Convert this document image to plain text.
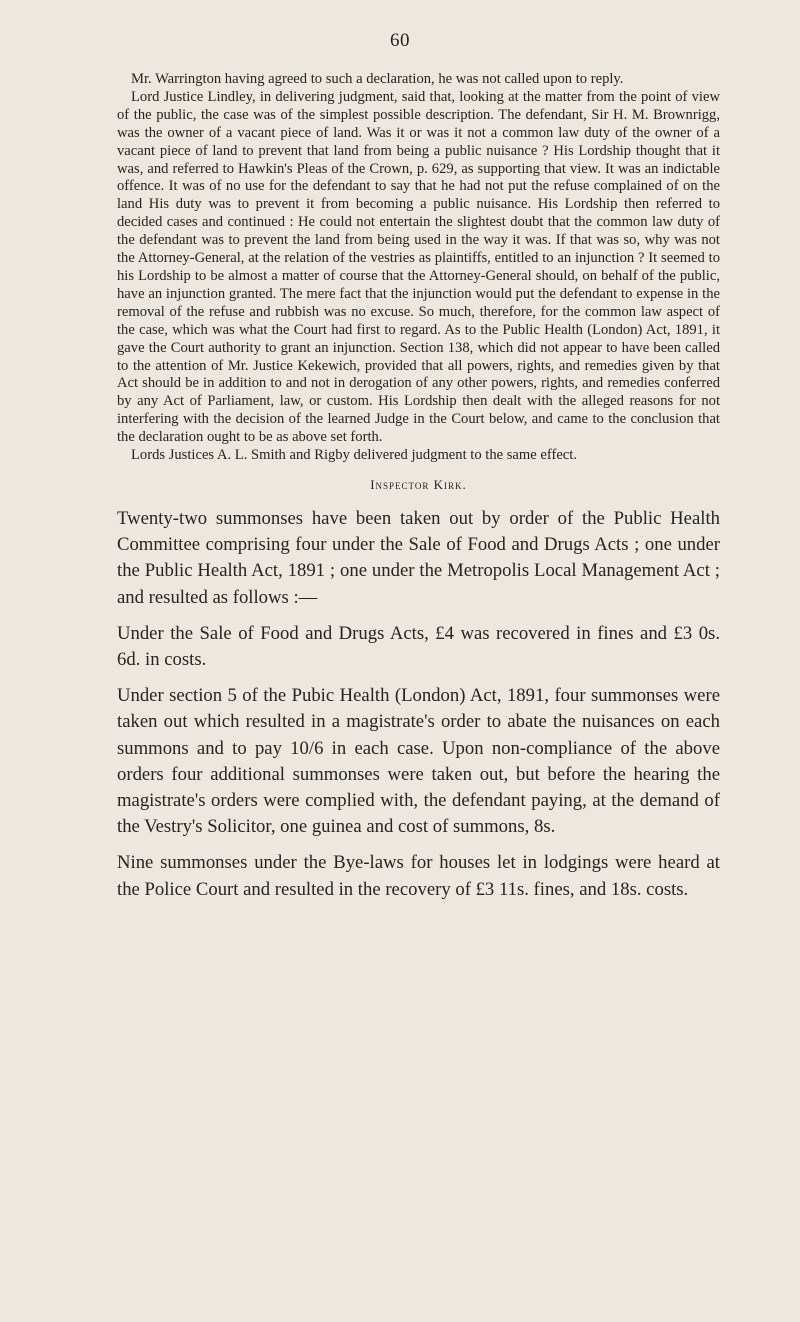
60

Mr. Warrington having agreed to such a declaration, he was not called upon to reply.

Lord Justice Lindley, in delivering judgment, said that, looking at the matter from the point of view of the public, the case was of the simplest possible description. The defendant, Sir H. M. Brownrigg, was the owner of a vacant piece of land. Was it or was it not a common law duty of the owner of a vacant piece of land to prevent that land from being a public nuisance ? His Lordship thought that it was, and referred to Hawkin's Pleas of the Crown, p. 629, as supporting that view. It was an indictable offence. It was of no use for the defendant to say that he had not put the refuse complained of on the land His duty was to prevent it from becoming a public nuisance. His Lordship then referred to decided cases and continued : He could not entertain the slightest doubt that the common law duty of the defendant was to prevent the land from being used in the way it was. If that was so, why was not the Attorney-General, at the relation of the vestries as plaintiffs, entitled to an injunction ? It seemed to his Lordship to be almost a matter of course that the Attorney-General should, on behalf of the public, have an injunction granted. The mere fact that the injunction would put the defendant to expense in the removal of the refuse and rubbish was no excuse. So much, therefore, for the common law aspect of the case, which was what the Court had first to regard. As to the Public Health (London) Act, 1891, it gave the Court authority to grant an injunction. Section 138, which did not appear to have been called to the attention of Mr. Justice Kekewich, provided that all powers, rights, and remedies given by that Act should be in addition to and not in derogation of any other powers, rights, and remedies conferred by any Act of Parliament, law, or custom. His Lordship then dealt with the alleged reasons for not interfering with the decision of the learned Judge in the Court below, and came to the conclusion that the declaration ought to be as above set forth.

Lords Justices A. L. Smith and Rigby delivered judgment to the same effect.

Inspector Kirk.

Twenty-two summonses have been taken out by order of the Public Health Committee comprising four under the Sale of Food and Drugs Acts ; one under the Public Health Act, 1891 ; one under the Metropolis Local Management Act ; and resulted as follows :—

Under the Sale of Food and Drugs Acts, £4 was recovered in fines and £3 0s. 6d. in costs.

Under section 5 of the Pubic Health (London) Act, 1891, four summonses were taken out which resulted in a magistrate's order to abate the nuisances on each summons and to pay 10/6 in each case. Upon non-compliance of the above orders four additional summonses were taken out, but before the hearing the magistrate's orders were complied with, the defendant paying, at the demand of the Vestry's Solicitor, one guinea and cost of summons, 8s.

Nine summonses under the Bye-laws for houses let in lodgings were heard at the Police Court and resulted in the recovery of £3 11s. fines, and 18s. costs.
